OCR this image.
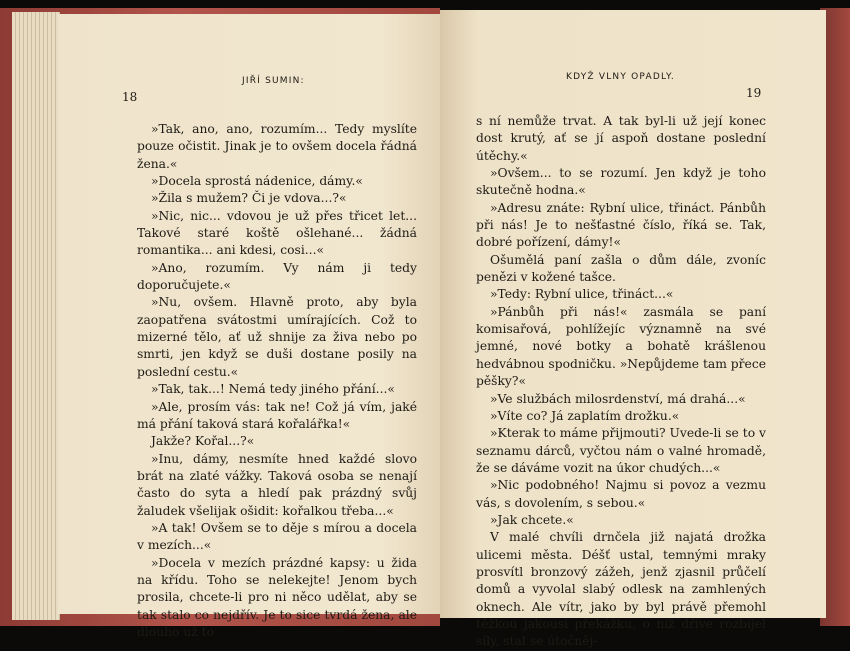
18
JIŘÍ SUMIN:

»Tak, ano, ano, rozumím... Tedy myslíte pouze očistit. Jinak je to ovšem docela řádná žena.«

»Docela sprostá nádenice, dámy.«

»Žila s mužem? Či je vdova...?«

»Nic, nic... vdovou je už přes třicet let... Takové staré koště ošlehané... žádná romantika... ani kdesi, cosi...«

»Ano, rozumím. Vy nám ji tedy doporučujete.«

»Nu, ovšem. Hlavně proto, aby byla zaopatřena svátostmi umírajících. Což to mizerné tělo, ať už shnije za živa nebo po smrti, jen když se duši dostane posily na poslední cestu.«

»Tak, tak...! Nemá tedy jiného přání...«

»Ale, prosím vás: tak ne! Což já vím, jaké má přání taková stará kořalářka!«

Jakže? Kořal...?«

»Inu, dámy, nesmíte hned každé slovo brát na zlaté vážky. Taková osoba se nenají často do syta a hledí pak prázdný svůj žaludek všelijak ošidit: kořalkou třeba...«

»A tak! Ovšem se to děje s mírou a docela v mezích...«

»Docela v mezích prázdné kapsy: u žida na křídu. Toho se nelekejte! Jenom bych prosila, chcete-li pro ni něco udělat, aby se tak stalo co nejdřív. Je to sice tvrdá žena, ale dlouho už to

KDYŽ VLNY OPADLY.
19

s ní nemůže trvat. A tak byl-li už její konec dost krutý, ať se jí aspoň dostane poslední útěchy.«

»Ovšem... to se rozumí. Jen když je toho skutečně hodna.«

»Adresu znáte: Rybní ulice, třináct. Pánbůh při nás! Je to nešťastné číslo, říká se. Tak, dobré pořízení, dámy!«

Ošumělá paní zašla o dům dále, zvoníc penězi v kožené tašce.

»Tedy: Rybní ulice, třináct...«

»Pánbůh při nás!« zasmála se paní komisařová, pohlížejíc významně na své jemné, nové botky a bohatě krášlenou hedvábnou spodničku. »Nepůjdeme tam přece pěšky?«

»Ve službách milosrdenství, má drahá...«

»Víte co? Já zaplatím drožku.«

»Kterak to máme přijmouti? Uvede-li se to v seznamu dárců, vyčtou nám o valné hromadě, že se dáváme vozit na úkor chudých...«

»Nic podobného! Najmu si povoz a vezmu vás, s dovolením, s sebou.«

»Jak chcete.«

V malé chvíli drnčela již najatá drožka ulicemi města. Déšť ustal, temnými mraky prosvítl bronzový zážeh, jenž zjasnil průčelí domů a vyvolal slabý odlesk na zamhlených oknech. Ale vítr, jako by byl právě přemohl těžkou jakousi překážku, o níž dříve rozbíjel síly, stal se útočněj-
